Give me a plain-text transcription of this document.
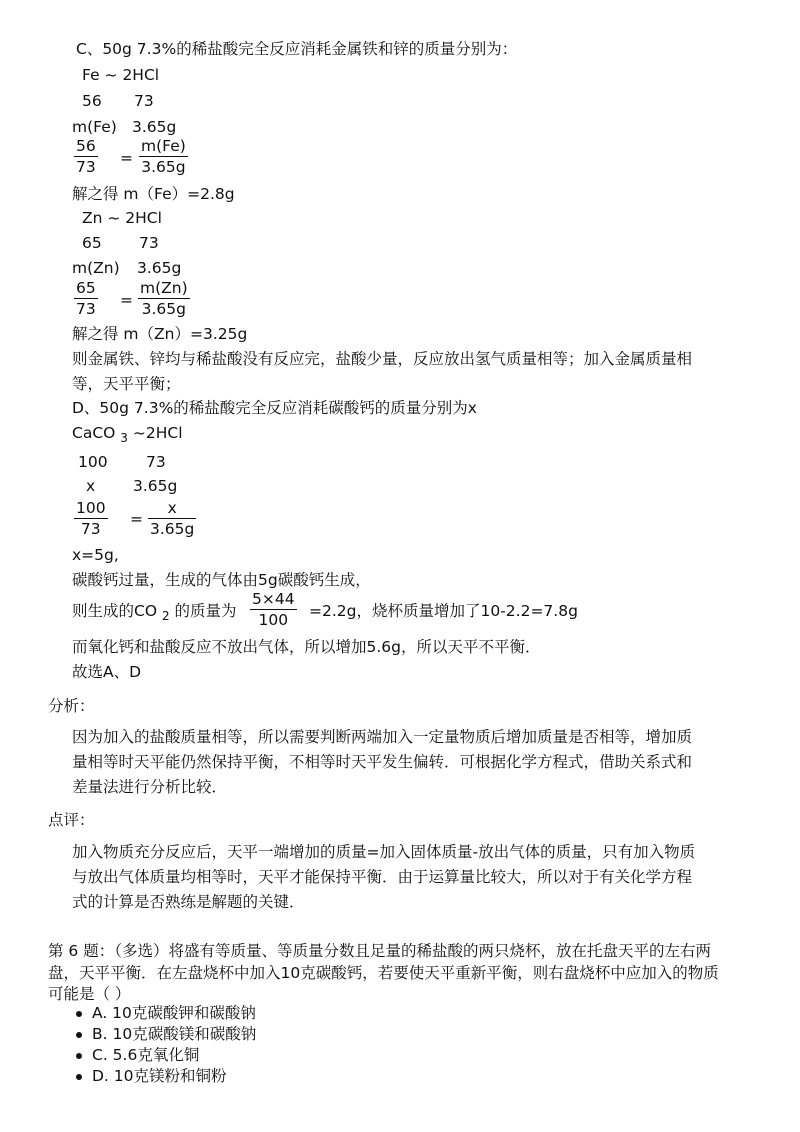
C、50g 7.3%的稀盐酸完全反应消耗金属铁和锌的质量分别为：
Fe ~ 2HCl
56 73
m(Fe) 3.65g
56
73 =
m(Fe)
3.65g
解之得 m（Fe）=2.8g
Zn ~ 2HCl
65 73
m(Zn) 3.65g
65
73 =
m(Zn)
3.65g
解之得 m（Zn）=3.25g
则金属铁、锌均与稀盐酸没有反应完，盐酸少量，反应放出氢气质量相等；加入金属质量相
等，天平平衡；
D、50g 7.3%的稀盐酸完全反应消耗碳酸钙的质量分别为x
CaCO $_3$ ~2HCl
100 73
x 3.65g
100
73
=
x
3.65g
x=5g,
碳酸钙过量，生成的气体由5g碳酸钙生成，
则生成的CO $_2$ 的质量为
5×44
100	=2.2g，烧杯质量增加了10-2.2=7.8g
而氧化钙和盐酸反应不放出气体，所以增加5.6g，所以天平不平衡．
故选A、D
分析：
因为加入的盐酸质量相等，所以需要判断两端加入一定量物质后增加质量是否相等，增加质
量相等时天平能仍然保持平衡，不相等时天平发生偏转．可根据化学方程式，借助关系式和
差量法进行分析比较．
点评：
加入物质充分反应后，天平一端增加的质量=加入固体质量-放出气体的质量，只有加入物质
与放出气体质量均相等时，天平才能保持平衡．由于运算量比较大，所以对于有关化学方程
式的计算是否熟练是解题的关键．
第 6 题：（多选）将盛有等质量、等质量分数且足量的稀盐酸的两只烧杯，放在托盘天平的左右两
盘，天平平衡．在左盘烧杯中加入10克碳酸钙，若要使天平重新平衡，则右盘烧杯中应加入的物质
可能是（ ）
A. 10克碳酸钾和碳酸钠
B. 10克碳酸镁和碳酸钠
C. 5.6克氧化铜
D. 10克镁粉和铜粉
